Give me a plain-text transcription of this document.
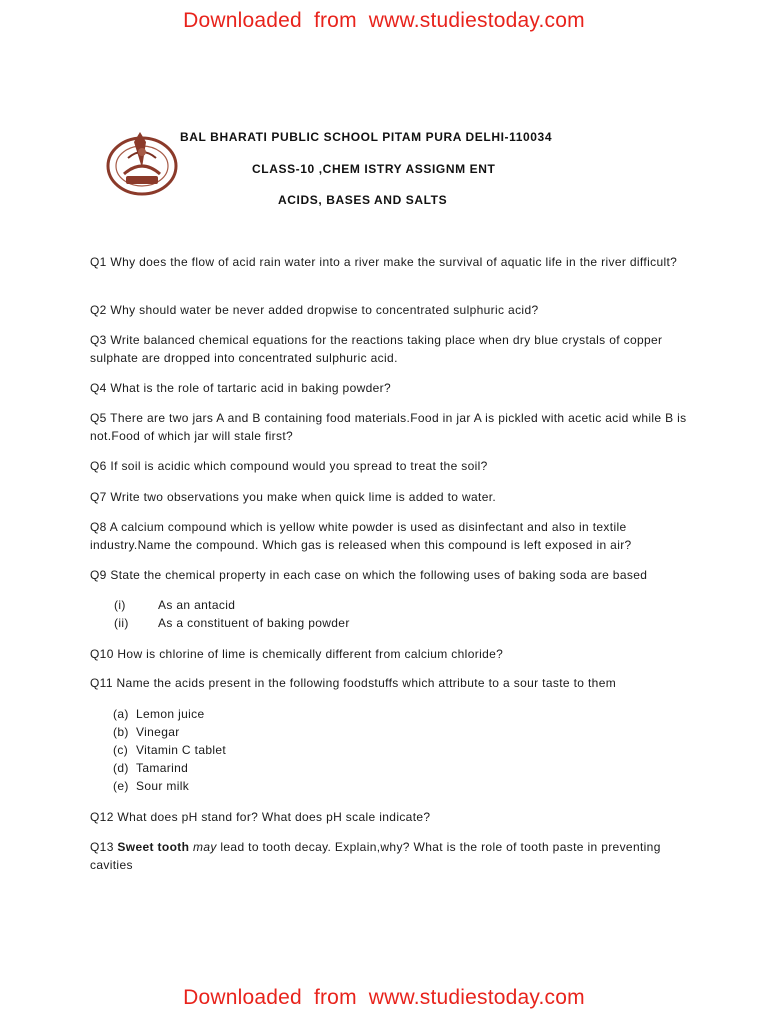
Downloaded from www.studiestoday.com
BAL BHARATI PUBLIC SCHOOL PITAM PURA DELHI-110034
CLASS-10 ,CHEM ISTRY ASSIGNM ENT
ACIDS, BASES AND SALTS
Q1 Why does the flow of acid rain water into a river make the survival of aquatic life in the river difficult?
Q2 Why should water be never added dropwise to concentrated sulphuric acid?
Q3 Write balanced chemical equations for the reactions taking place when dry blue crystals of copper sulphate are dropped into concentrated sulphuric acid.
Q4 What is the role of tartaric acid in baking powder?
Q5 There are two jars A and B containing food materials.Food in jar A is pickled with acetic acid while B is not.Food of which jar will stale first?
Q6 If soil is acidic which compound would you spread to treat the soil?
Q7 Write two observations you make when quick lime is added to water.
Q8 A calcium compound which is yellow white powder is used as disinfectant and also in textile industry.Name the compound. Which gas is released when this compound is left exposed in air?
Q9 State the chemical property in each case on which the following uses of baking soda are based
(i)	As an antacid
(ii) As a constituent of baking powder
Q10 How is chlorine of lime is chemically different from calcium chloride?
Q11 Name the acids present in the following foodstuffs which attribute to a sour taste to them
(a) Lemon juice
(b) Vinegar
(c) Vitamin C tablet
(d) Tamarind
(e) Sour milk
Q12 What does pH stand for? What does pH scale indicate?
Q13 Sweet tooth may lead to tooth decay. Explain,why? What is the role of tooth paste in preventing cavities
Downloaded from www.studiestoday.com
